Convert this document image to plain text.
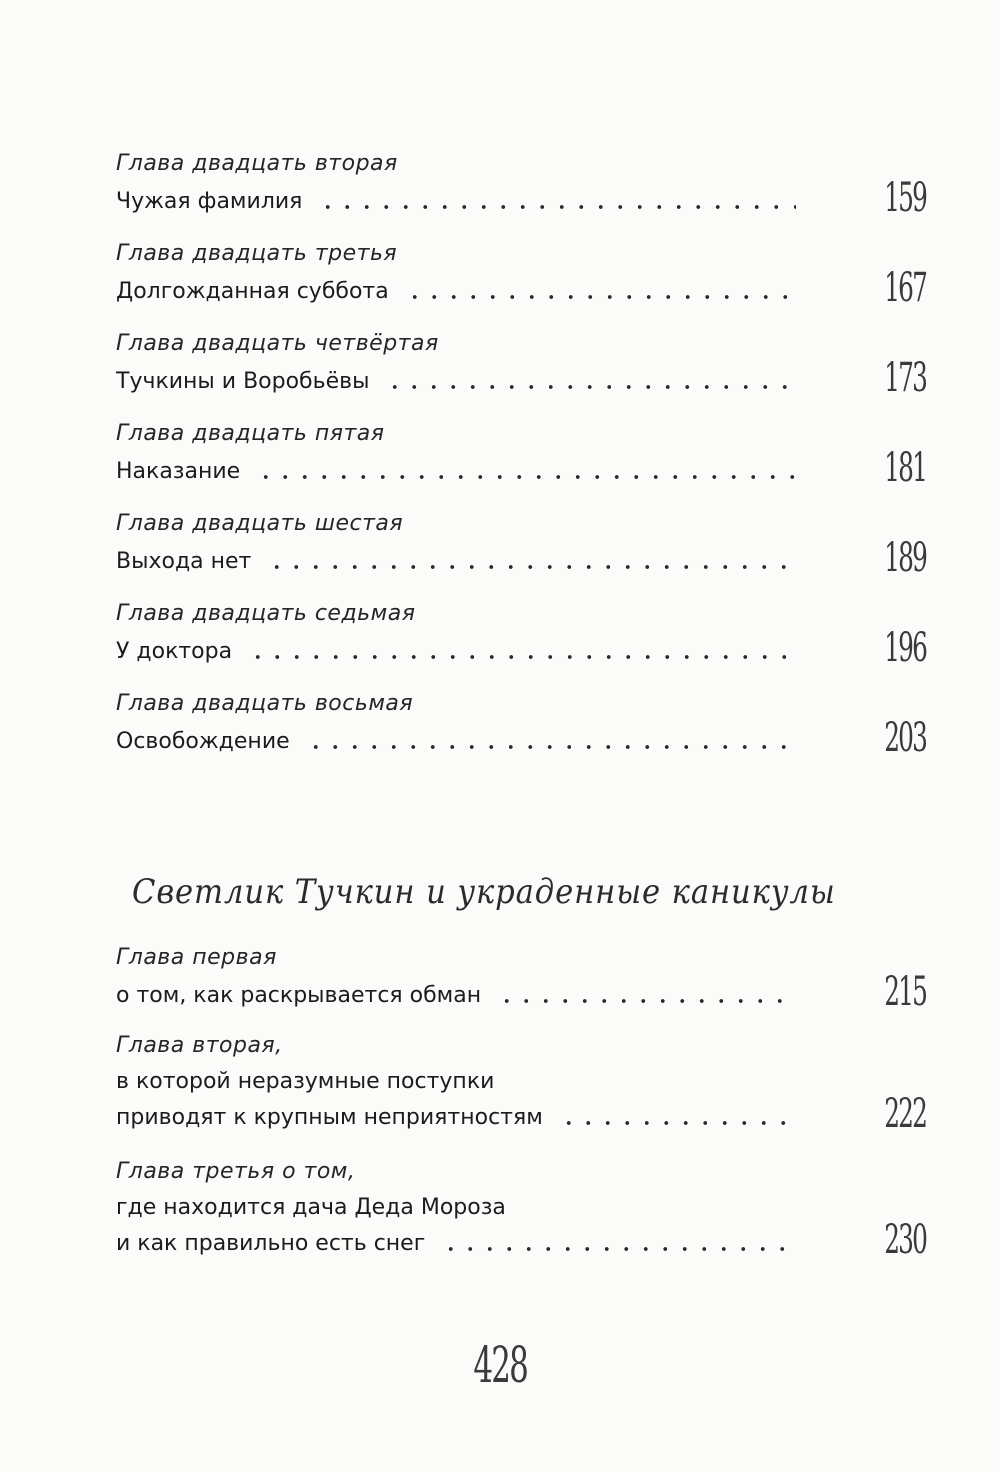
Глава двадцать вторая
Чужая фамилия	159
Глава двадцать третья
Долгожданная суббота	167
Глава двадцать четвёртая
Тучкины и Воробьёвы	173
Глава двадцать пятая
Наказание	181
Глава двадцать шестая
Выхода нет	189
Глава двадцать седьмая
У доктора	196
Глава двадцать восьмая
Освобождение	203
Светлик Тучкин и украденные каникулы
Глава первая
о том, как раскрывается обман	215
Глава вторая,
в которой неразумные поступки
приводят к крупным неприятностям	222
Глава третья о том,
где находится дача Деда Мороза
и как правильно есть снег	230
428
